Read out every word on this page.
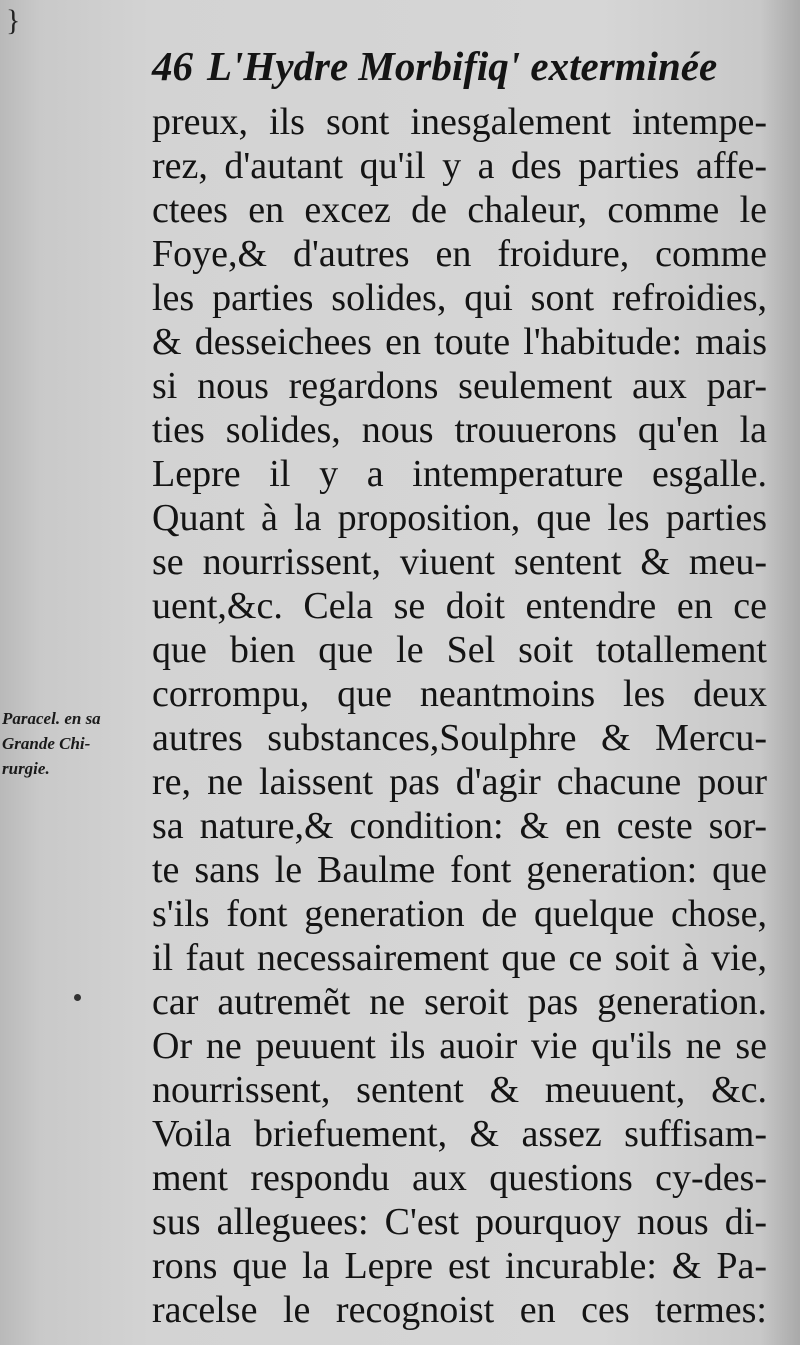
}
46 L'Hydre Morbifiq' exterminée
Paracel. en sa
Grande Chi-
rurgie.
preux, ils sont inesgalement intempe-
rez, d'autant qu'il y a des parties affe-
ctees en excez de chaleur, comme le
Foye,& d'autres en froidure, comme
les parties solides, qui sont refroidies,
& desseichees en toute l'habitude: mais
si nous regardons seulement aux par-
ties solides, nous trouuerons qu'en la
Lepre il y a intemperature esgalle.
Quant à la proposition, que les parties
se nourrissent, viuent sentent & meu-
uent,&c. Cela se doit entendre en ce
que bien que le Sel soit totallement
corrompu, que neantmoins les deux
autres substances,Soulphre & Mercu-
re, ne laissent pas d'agir chacune pour
sa nature,& condition: & en ceste sor-
te sans le Baulme font generation: que
s'ils font generation de quelque chose,
il faut necessairement que ce soit à vie,
car autremẽt ne seroit pas generation.
Or ne peuuent ils auoir vie qu'ils ne se
nourrissent, sentent & meuuent, &c.
Voila briefuement, & assez suffisam-
ment respondu aux questions cy-des-
sus alleguees: C'est pourquoy nous di-
rons que la Lepre est incurable: & Pa-
racelse le recognoist en ces termes:
